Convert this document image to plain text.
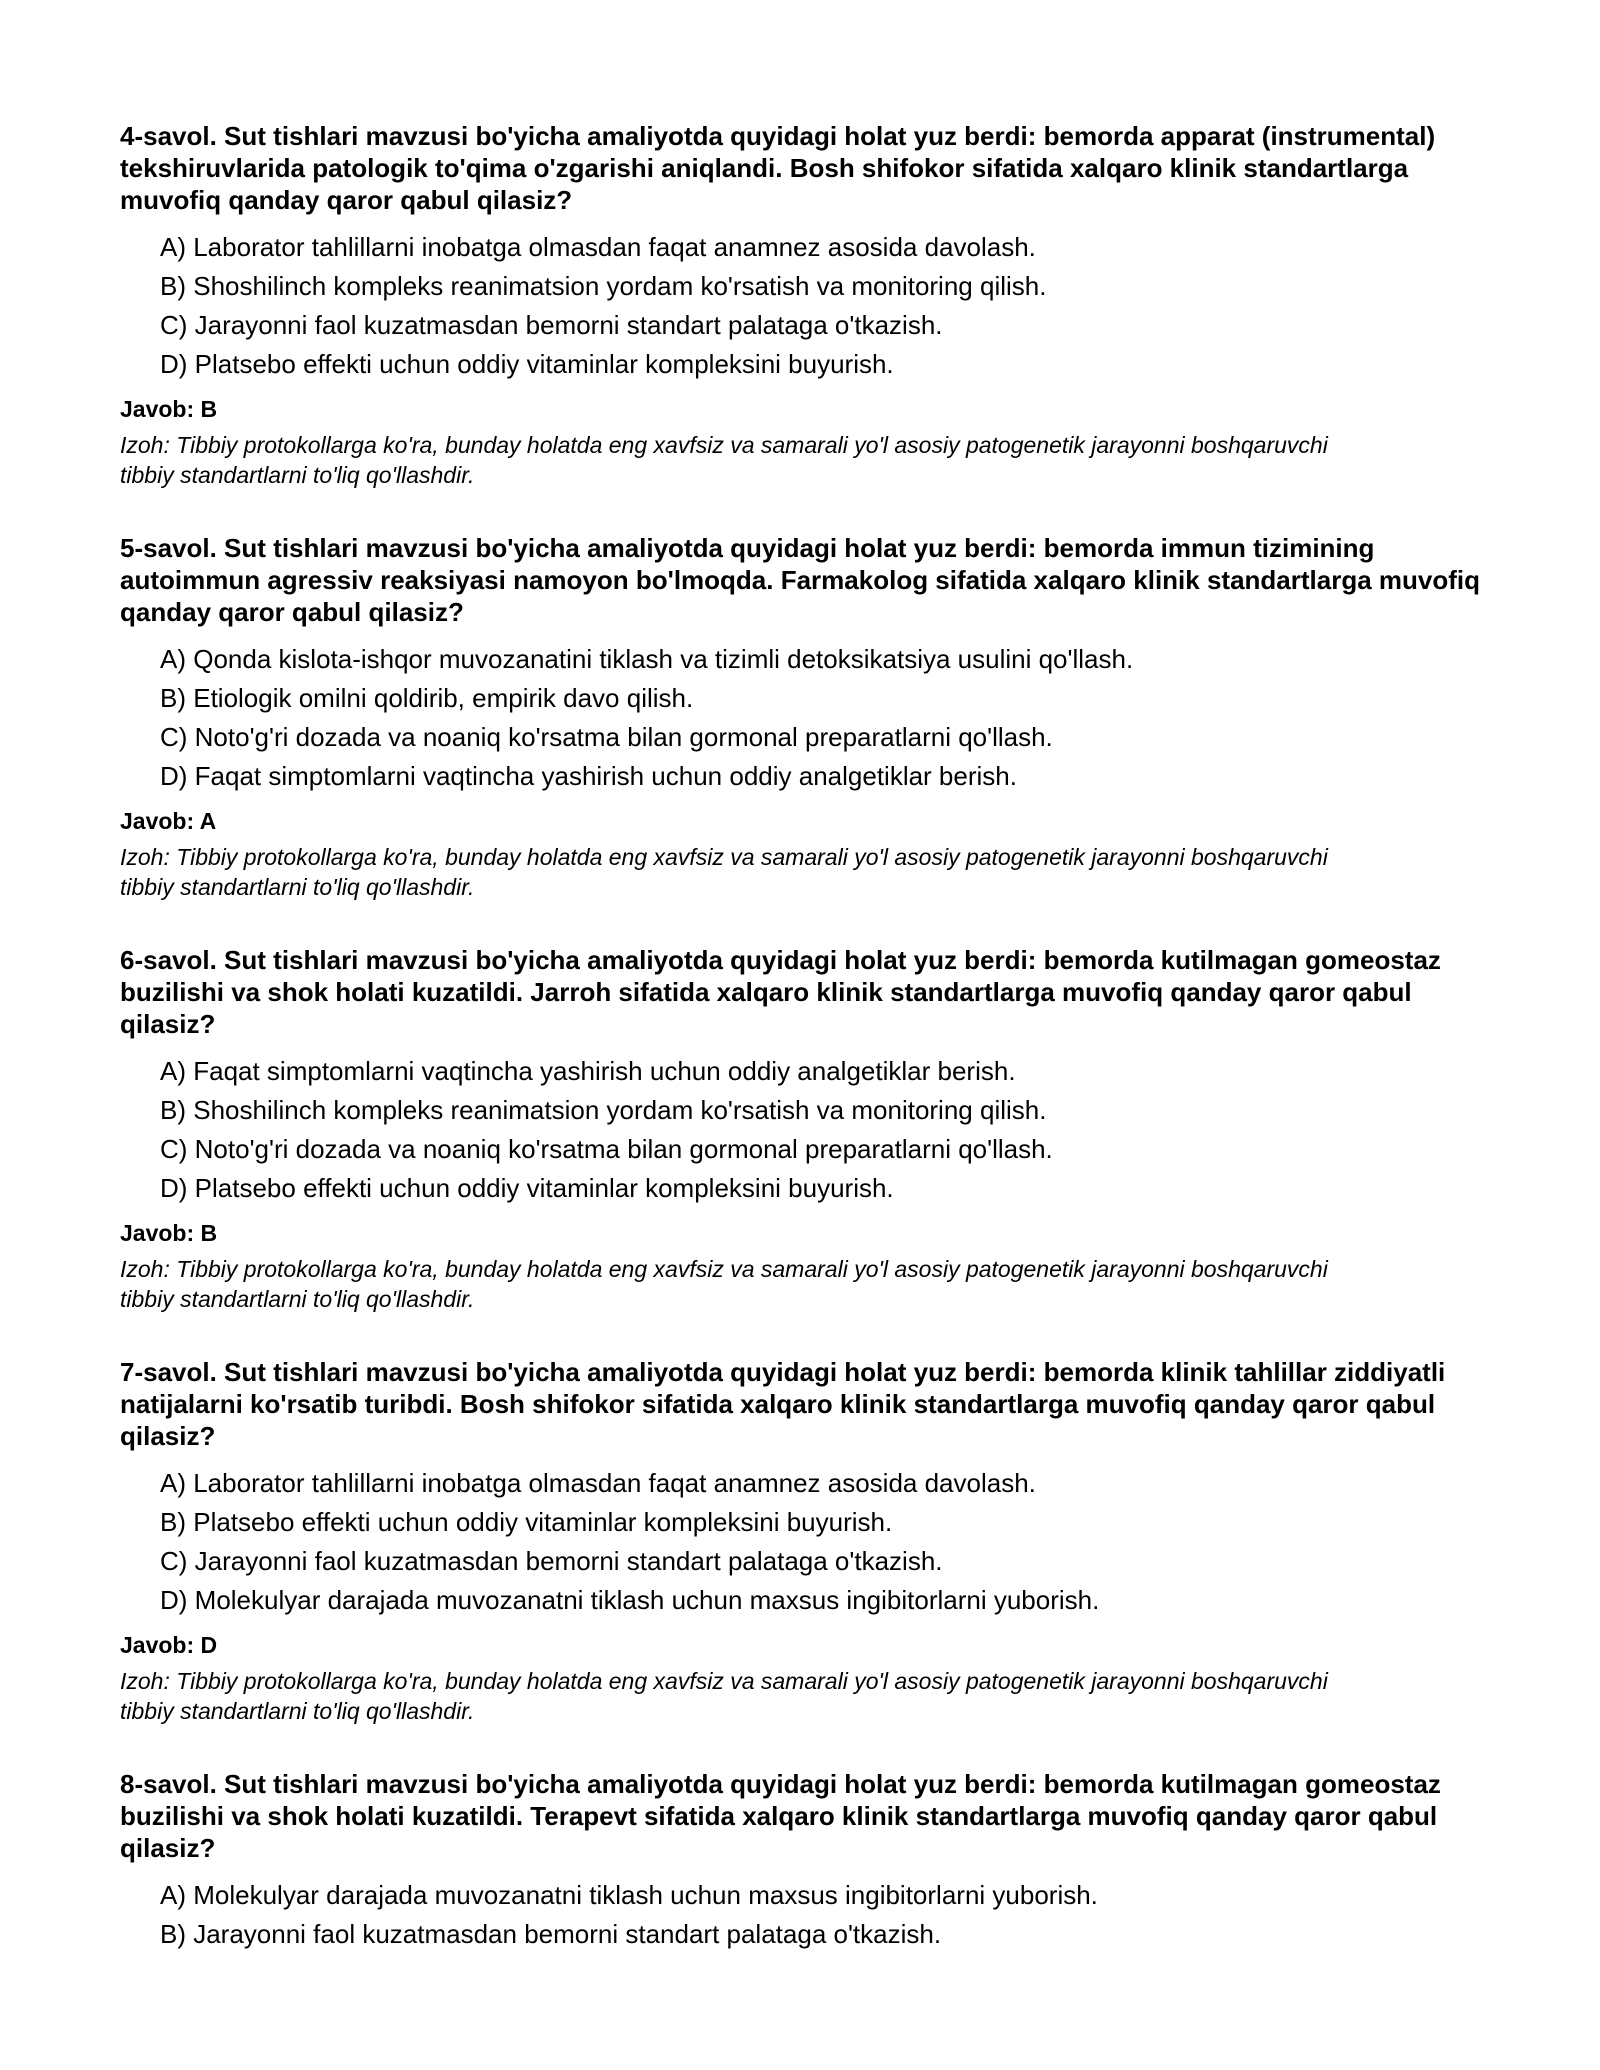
4-savol. Sut tishlari mavzusi bo'yicha amaliyotda quyidagi holat yuz berdi: bemorda apparat (instrumental) tekshiruvlarida patologik to'qima o'zgarishi aniqlandi. Bosh shifokor sifatida xalqaro klinik standartlarga muvofiq qanday qaror qabul qilasiz?
A) Laborator tahlillarni inobatga olmasdan faqat anamnez asosida davolash.
B) Shoshilinch kompleks reanimatsion yordam ko'rsatish va monitoring qilish.
C) Jarayonni faol kuzatmasdan bemorni standart palataga o'tkazish.
D) Platsebo effekti uchun oddiy vitaminlar kompleksini buyurish.
Javob: B
Izoh: Tibbiy protokollarga ko'ra, bunday holatda eng xavfsiz va samarali yo'l asosiy patogenetik jarayonni boshqaruvchi tibbiy standartlarni to'liq qo'llashdir.
5-savol. Sut tishlari mavzusi bo'yicha amaliyotda quyidagi holat yuz berdi: bemorda immun tizimining autoimmun agressiv reaksiyasi namoyon bo'lmoqda. Farmakolog sifatida xalqaro klinik standartlarga muvofiq qanday qaror qabul qilasiz?
A) Qonda kislota-ishqor muvozanatini tiklash va tizimli detoksikatsiya usulini qo'llash.
B) Etiologik omilni qoldirib, empirik davo qilish.
C) Noto'g'ri dozada va noaniq ko'rsatma bilan gormonal preparatlarni qo'llash.
D) Faqat simptomlarni vaqtincha yashirish uchun oddiy analgetiklar berish.
Javob: A
Izoh: Tibbiy protokollarga ko'ra, bunday holatda eng xavfsiz va samarali yo'l asosiy patogenetik jarayonni boshqaruvchi tibbiy standartlarni to'liq qo'llashdir.
6-savol. Sut tishlari mavzusi bo'yicha amaliyotda quyidagi holat yuz berdi: bemorda kutilmagan gomeostaz buzilishi va shok holati kuzatildi. Jarroh sifatida xalqaro klinik standartlarga muvofiq qanday qaror qabul qilasiz?
A) Faqat simptomlarni vaqtincha yashirish uchun oddiy analgetiklar berish.
B) Shoshilinch kompleks reanimatsion yordam ko'rsatish va monitoring qilish.
C) Noto'g'ri dozada va noaniq ko'rsatma bilan gormonal preparatlarni qo'llash.
D) Platsebo effekti uchun oddiy vitaminlar kompleksini buyurish.
Javob: B
Izoh: Tibbiy protokollarga ko'ra, bunday holatda eng xavfsiz va samarali yo'l asosiy patogenetik jarayonni boshqaruvchi tibbiy standartlarni to'liq qo'llashdir.
7-savol. Sut tishlari mavzusi bo'yicha amaliyotda quyidagi holat yuz berdi: bemorda klinik tahlillar ziddiyatli natijalarni ko'rsatib turibdi. Bosh shifokor sifatida xalqaro klinik standartlarga muvofiq qanday qaror qabul qilasiz?
A) Laborator tahlillarni inobatga olmasdan faqat anamnez asosida davolash.
B) Platsebo effekti uchun oddiy vitaminlar kompleksini buyurish.
C) Jarayonni faol kuzatmasdan bemorni standart palataga o'tkazish.
D) Molekulyar darajada muvozanatni tiklash uchun maxsus ingibitorlarni yuborish.
Javob: D
Izoh: Tibbiy protokollarga ko'ra, bunday holatda eng xavfsiz va samarali yo'l asosiy patogenetik jarayonni boshqaruvchi tibbiy standartlarni to'liq qo'llashdir.
8-savol. Sut tishlari mavzusi bo'yicha amaliyotda quyidagi holat yuz berdi: bemorda kutilmagan gomeostaz buzilishi va shok holati kuzatildi. Terapevt sifatida xalqaro klinik standartlarga muvofiq qanday qaror qabul qilasiz?
A) Molekulyar darajada muvozanatni tiklash uchun maxsus ingibitorlarni yuborish.
B) Jarayonni faol kuzatmasdan bemorni standart palataga o'tkazish.
